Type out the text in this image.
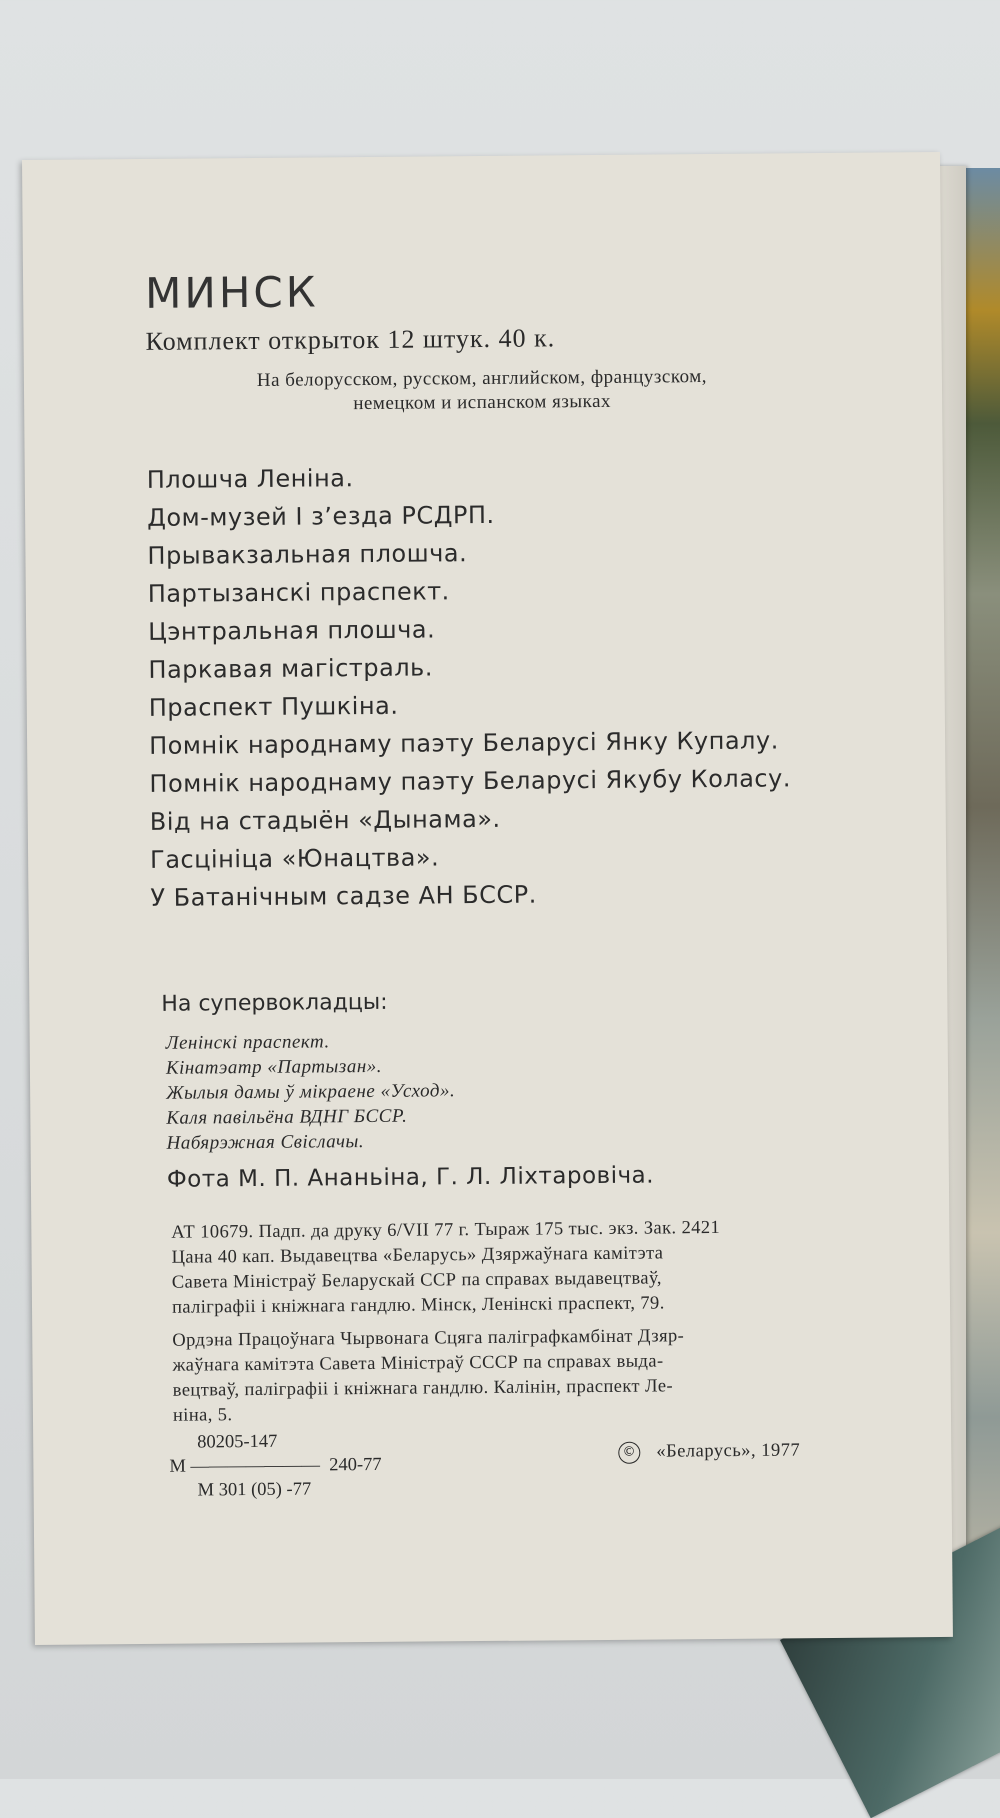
МИНСК
Комплект открыток 12 штук. 40 к.
На белорусском, русском, английском, французском,
немецком и испанском языках
Плошча Леніна.
Дом-музей I з’езда РСДРП.
Прывакзальная плошча.
Партызанскі праспект.
Цэнтральная плошча.
Паркавая магістраль.
Праспект Пушкіна.
Помнік народнаму паэту Беларусі Янку Купалу.
Помнік народнаму паэту Беларусі Якубу Коласу.
Від на стадыён «Дынама».
Гасцініца «Юнацтва».
У Батанічным садзе АН БССР.
На супервокладцы:
Ленінскі праспект.
Кінатэатр «Партызан».
Жылыя дамы ў мікраене «Усход».
Каля павільёна ВДНГ БССР.
Набярэжная Свіслачы.
Фота М. П. Ананьіна, Г. Л. Ліхтаровіча.

АТ 10679. Падп. да друку 6/VII 77 г. Тыраж 175 тыс. экз. Зак. 2421

Цана 40 кап. Выдавецтва «Беларусь» Дзяржаўнага камітэта

Савета Міністраў Беларускай ССР па справах выдавецтваў,

паліграфіі і кніжнага гандлю. Мінск, Ленінскі праспект, 79.

Ордэна Працоўнага Чырвонага Сцяга паліграфкамбінат Дзяр-

жаўнага камітэта Савета Міністраў СССР па справах выда-

вецтваў, паліграфіі і кніжнага гандлю. Калінін, праспект Ле-

ніна, 5.

80205-147
М ———————  240-77
М 301 (05) -77
© «Беларусь», 1977
